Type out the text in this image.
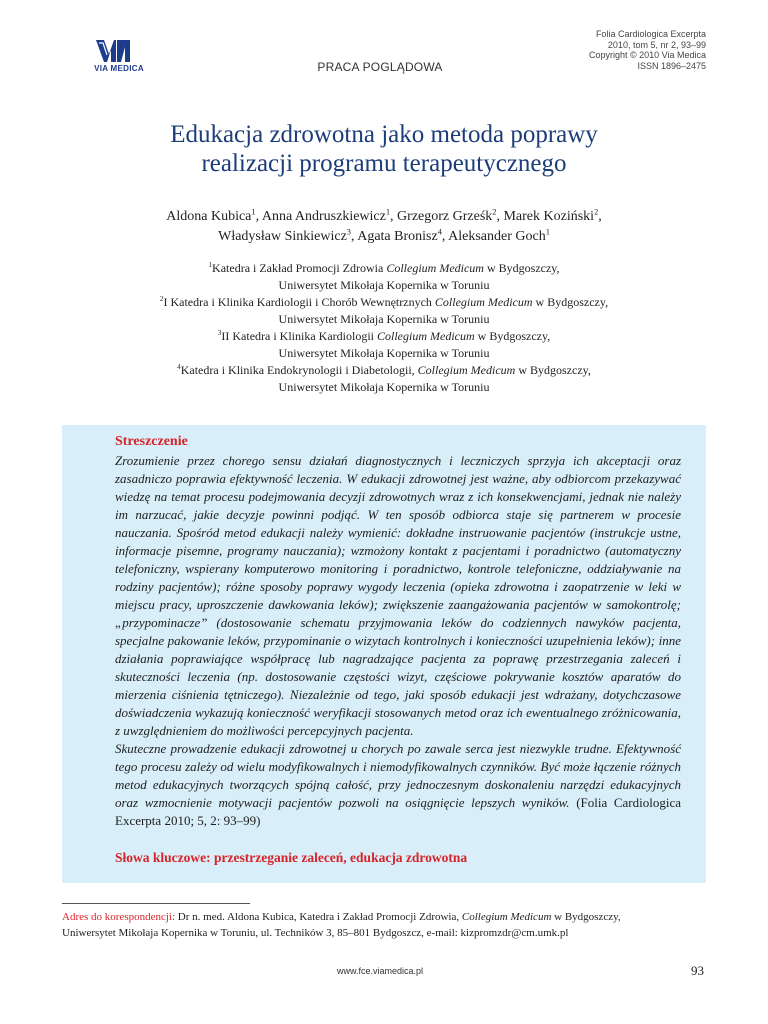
VIA MEDICA	PRACA POGLĄDOWA
Folia Cardiologica Excerpta
2010, tom 5, nr 2, 93–99
Copyright © 2010 Via Medica
ISSN 1896–2475
Edukacja zdrowotna jako metoda poprawy
realizacji programu terapeutycznego
Aldona Kubica$^1$, Anna Andruszkiewicz$^1$, Grzegorz Grześk$^2$, Marek Koziński$^2$,
Władysław Sinkiewicz$^3$, Agata Bronisz$^4$, Aleksander Goch$^1$
$^1$Katedra i Zakład Promocji Zdrowia Collegium Medicum w Bydgoszczy,
Uniwersytet Mikołaja Kopernika w Toruniu
$^2$I Katedra i Klinika Kardiologii i Chorób Wewnętrznych Collegium Medicum w Bydgoszczy,
Uniwersytet Mikołaja Kopernika w Toruniu
$^3$II Katedra i Klinika Kardiologii Collegium Medicum w Bydgoszczy,
Uniwersytet Mikołaja Kopernika w Toruniu
$^4$Katedra i Klinika Endokrynologii i Diabetologii, Collegium Medicum w Bydgoszczy,
Uniwersytet Mikołaja Kopernika w Toruniu
Streszczenie

Zrozumienie przez chorego sensu działań diagnostycznych i leczniczych sprzyja ich akceptacji oraz zasadniczo poprawia efektywność leczenia. W edukacji zdrowotnej jest ważne, aby odbiorcom przekazywać wiedzę na temat procesu podejmowania decyzji zdrowotnych wraz z ich konsekwencjami, jednak nie należy im narzucać, jakie decyzje powinni podjąć. W ten sposób odbiorca staje się partnerem w procesie nauczania. Spośród metod edukacji należy wymienić: dokładne instruowanie pacjentów (instrukcje ustne, informacje pisemne, programy nauczania); wzmożony kontakt z pacjentami i poradnictwo (automatyczny telefoniczny, wspierany komputerowo monitoring i poradnictwo, kontrole telefoniczne, oddziaływanie na rodziny pacjentów); różne sposoby poprawy wygody leczenia (opieka zdrowotna i zaopatrzenie w leki w miejscu pracy, uproszczenie dawkowania leków); zwiększenie zaangażowania pacjentów w samokontrolę; „przypominacze” (dostosowanie schematu przyjmowania leków do codziennych nawyków pacjenta, specjalne pakowanie leków, przypominanie o wizytach kontrolnych i konieczności uzupełnienia leków); inne działania poprawiające współpracę lub nagradzające pacjenta za poprawę przestrzegania zaleceń i skuteczności leczenia (np. dostosowanie częstości wizyt, częściowe pokrywanie kosztów aparatów do mierzenia ciśnienia tętniczego). Niezależnie od tego, jaki sposób edukacji jest wdrażany, dotychczasowe doświadczenia wykazują konieczność weryfikacji stosowanych metod oraz ich ewentualnego zróżnicowania, z uwzględnieniem do możliwości percepcyjnych pacjenta.

Skuteczne prowadzenie edukacji zdrowotnej u chorych po zawale serca jest niezwykle trudne. Efektywność tego procesu zależy od wielu modyfikowalnych i niemodyfikowalnych czynników. Być może łączenie różnych metod edukacyjnych tworzących spójną całość, przy jednoczesnym doskonaleniu narzędzi edukacyjnych oraz wzmocnienie motywacji pacjentów pozwoli na osiągnięcie lepszych wyników. (Folia Cardiologica Excerpta 2010; 5, 2: 93–99)

Słowa kluczowe: przestrzeganie zaleceń, edukacja zdrowotna
Adres do korespondencji: Dr n. med. Aldona Kubica, Katedra i Zakład Promocji Zdrowia, Collegium Medicum w Bydgoszczy,
Uniwersytet Mikołaja Kopernika w Toruniu, ul. Techników 3, 85–801 Bydgoszcz, e-mail: kizpromzdr@cm.umk.pl
www.fce.viamedica.pl	93
